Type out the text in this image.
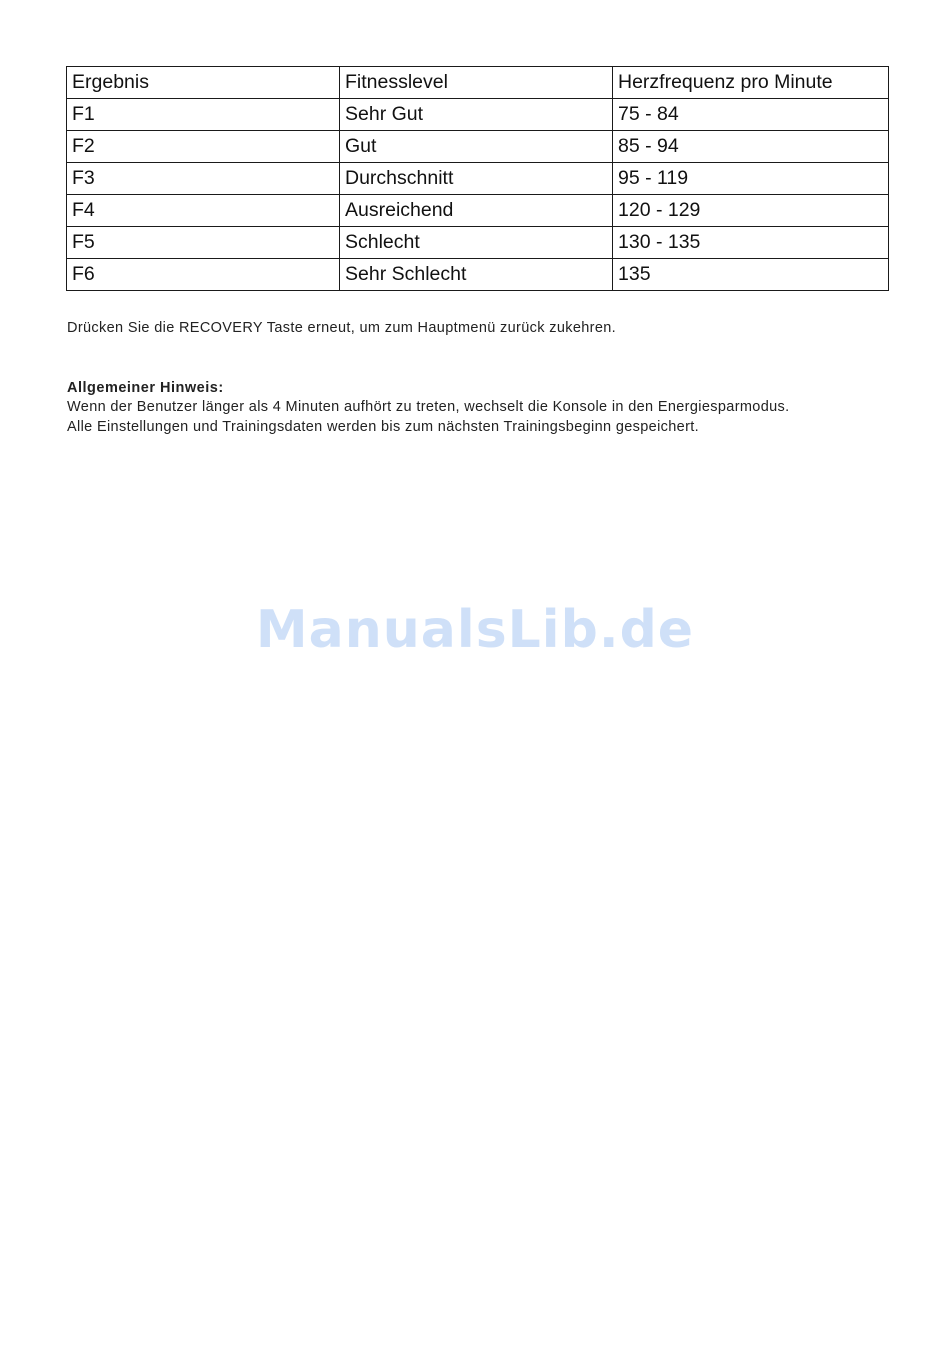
Ergebnis	Fitnesslevel	Herzfrequenz pro Minute
F1	Sehr Gut	75 - 84
F2	Gut	85 - 94
F3	Durchschnitt	95 - 119
F4	Ausreichend	120 - 129
F5	Schlecht	130 - 135
F6	Sehr Schlecht	135
Drücken Sie die RECOVERY Taste erneut, um zum Hauptmenü zurück zukehren.
Allgemeiner Hinweis:
Wenn der Benutzer länger als 4 Minuten aufhört zu treten, wechselt die Konsole in den Energiesparmodus.
Alle Einstellungen und Trainingsdaten werden bis zum nächsten Trainingsbeginn gespeichert.
ManualsLib.de
